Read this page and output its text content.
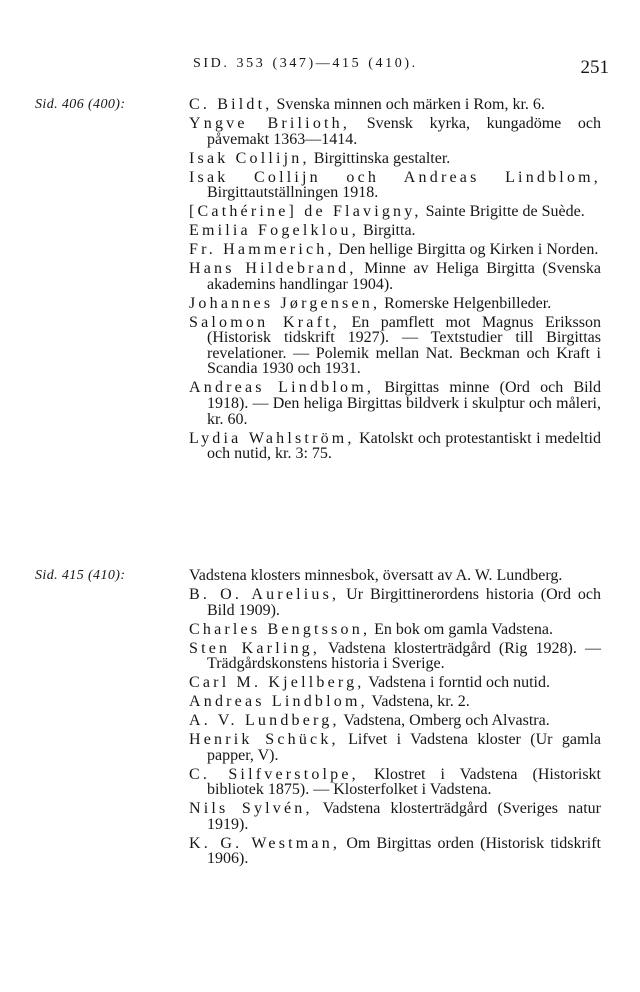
SID. 353 (347)—415 (410).	251
Sid. 406 (400):	C. Bildt, Svenska minnen och märken i Rom, kr. 6.

Yngve Brilioth, Svensk kyrka, kungadöme och påvemakt 1363—1414.

Isak Collijn, Birgittinska gestalter.

Isak Collijn och Andreas Lindblom, Birgittautställningen 1918.

[Cathérine] de Flavigny, Sainte Brigitte de Suède.

Emilia Fogelklou, Birgitta.

Fr. Hammerich, Den hellige Birgitta og Kirken i Norden.

Hans Hildebrand, Minne av Heliga Birgitta (Svenska akademins handlingar 1904).

Johannes Jørgensen, Romerske Helgenbilleder.

Salomon Kraft, En pamflett mot Magnus Eriksson (Historisk tidskrift 1927). — Textstudier till Birgittas revelationer. — Polemik mellan Nat. Beckman och Kraft i Scandia 1930 och 1931.

Andreas Lindblom, Birgittas minne (Ord och Bild 1918). — Den heliga Birgittas bildverk i skulptur och måleri, kr. 60.

Lydia Wahlström, Katolskt och protestantiskt i medeltid och nutid, kr. 3: 75.

Sid. 415 (410):	Vadstena klosters minnesbok, översatt av A. W. Lundberg.

B. O. Aurelius, Ur Birgittinerordens historia (Ord och Bild 1909).

Charles Bengtsson, En bok om gamla Vadstena.

Sten Karling, Vadstena klosterträdgård (Rig 1928). — Trädgårdskonstens historia i Sverige.

Carl M. Kjellberg, Vadstena i forntid och nutid.

Andreas Lindblom, Vadstena, kr. 2.

A. V. Lundberg, Vadstena, Omberg och Alvastra.

Henrik Schück, Lifvet i Vadstena kloster (Ur gamla papper, V).

C. Silfverstolpe, Klostret i Vadstena (Historiskt bibliotek 1875). — Klosterfolket i Vadstena.

Nils Sylvén, Vadstena klosterträdgård (Sveriges natur 1919).

K. G. Westman, Om Birgittas orden (Historisk tidskrift 1906).
